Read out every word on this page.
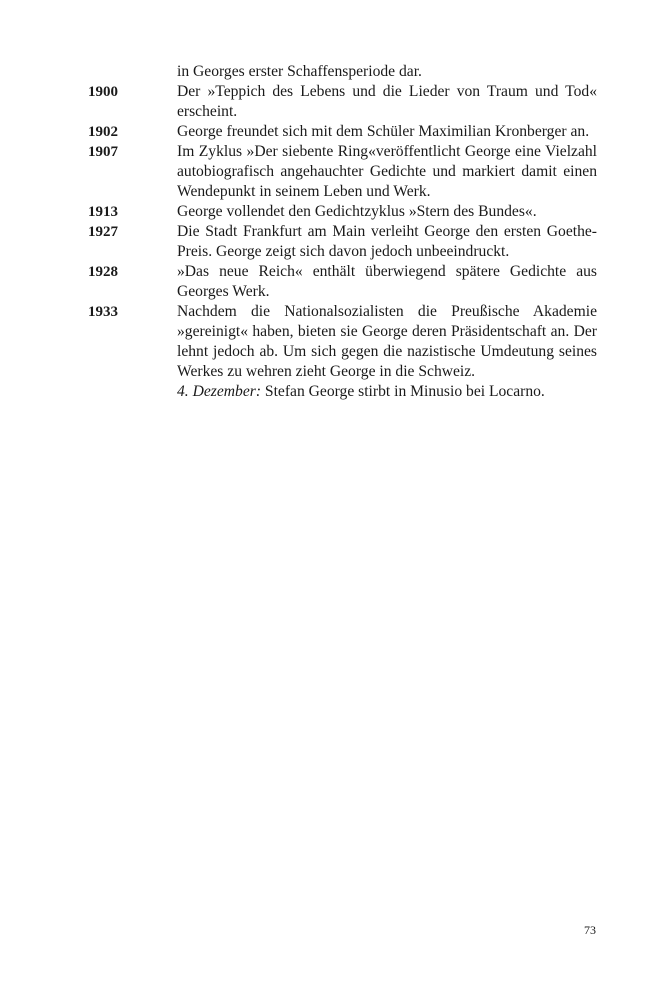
in Georges erster Schaffensperiode dar.
1900	Der »Teppich des Lebens und die Lieder von Traum und Tod« erscheint.
1902	George freundet sich mit dem Schüler Maximilian Kronberger an.
1907	Im Zyklus »Der siebente Ring«veröffentlicht George eine Vielzahl autobiografisch angehauchter Gedichte und markiert damit einen Wendepunkt in seinem Leben und Werk.
1913	George vollendet den Gedichtzyklus »Stern des Bundes«.
1927	Die Stadt Frankfurt am Main verleiht George den ersten Goethe-Preis. George zeigt sich davon jedoch unbeeindruckt.
1928	»Das neue Reich« enthält überwiegend spätere Gedichte aus Georges Werk.
1933	Nachdem die Nationalsozialisten die Preußische Akademie »gereinigt« haben, bieten sie George deren Präsidentschaft an. Der lehnt jedoch ab. Um sich gegen die nazistische Umdeutung seines Werkes zu wehren zieht George in die Schweiz.
4. Dezember: Stefan George stirbt in Minusio bei Locarno.
73
